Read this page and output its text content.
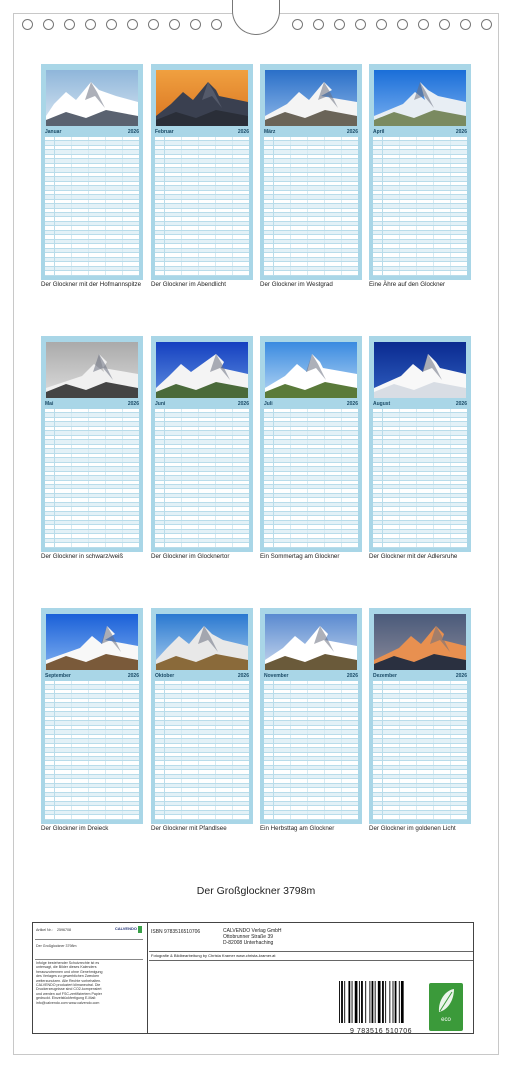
Januar	2026
Der Glockner mit der Hofmannspitze
Februar	2026
Der Glockner im Abendlicht
März	2026
Der Glockner im Westgrad
April	2026
Eine Ähre auf den Glockner
Mai	2026
Der Glockner in schwarz/weiß
Juni	2026
Der Glockner im Glocknertor
Juli	2026
Ein Sommertag am Glockner
August	2026
Der Glockner mit der Adlersruhe
September	2026
Der Glockner im Dreieck
Oktober	2026
Der Glockner mit Pfandlsee
November	2026
Ein Herbsttag am Glockner
Dezember	2026
Der Glockner im goldenen Licht
Der Großglockner 3798m
Artikel Nr.: 2596708	CALVENDO
Der Großglockner 3798m
Infolge bestehender Schutzrechte ist es untersagt, die Bilder dieses Kalenders herauszutrennen und ohne Genehmigung des Verlages zu gewerblichen Zwecken weiterzunutzen. Alle Rechte vorbehalten. CALVENDO produziert klimaneutral. Die Druckerzeugnisse sind CO2-kompensiert und werden auf FSC-zertifiziertem Papier gedruckt. Einzelstückfertigung E-Mail: info@calvendo.com www.calvendo.com
ISBN 9783516510706	CALVENDO Verlag GmbH
Ottobrunner Straße 39
D-82008 Unterhaching
Fotografie & Bildbearbeitung by Christa Kramer www.christa-kramer.at
9 783516 510706
eco
